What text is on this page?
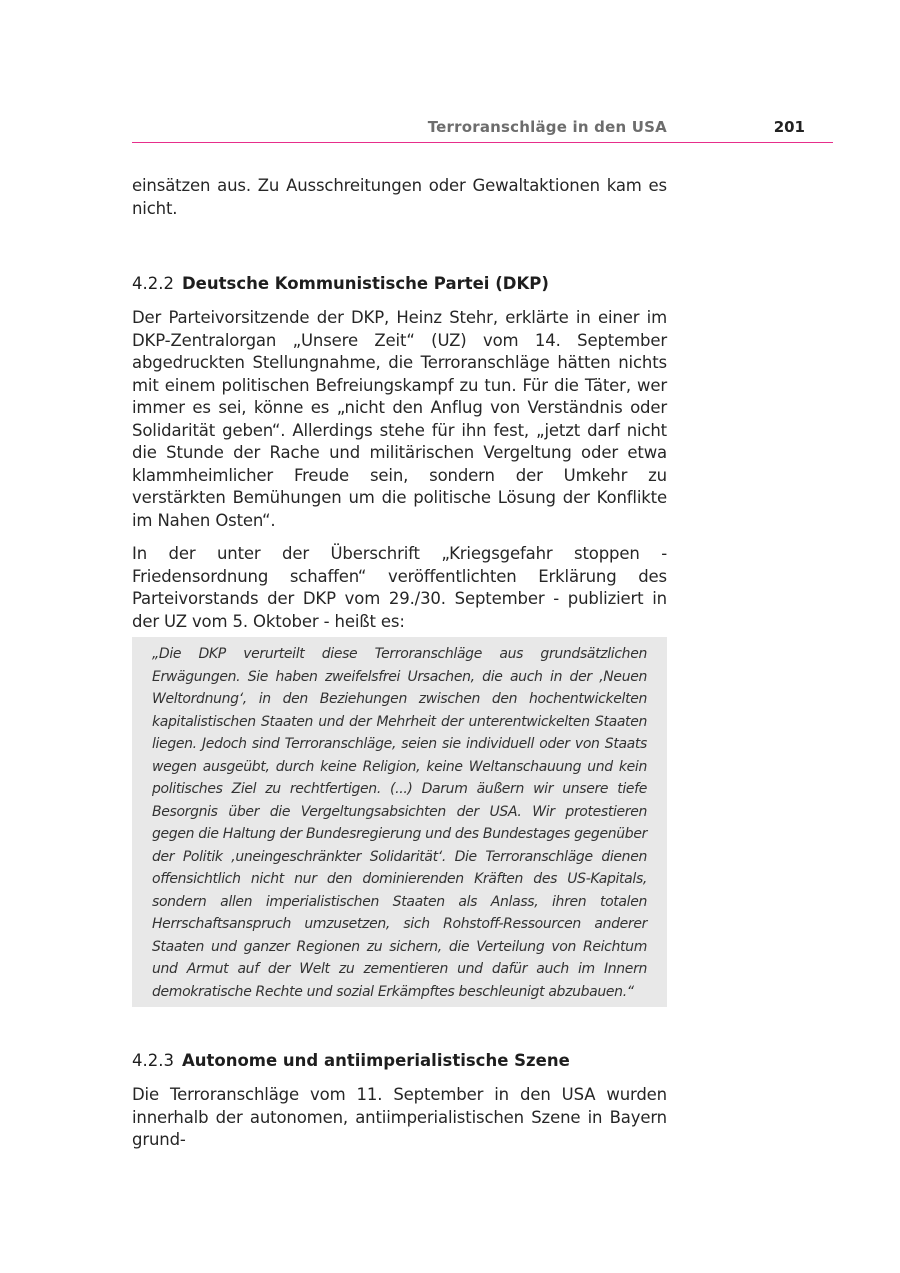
Terroranschläge in den USA	201

einsätzen aus. Zu Ausschreitungen oder Gewaltaktionen kam es nicht.

4.2.2 Deutsche Kommunistische Partei (DKP)

Der Parteivorsitzende der DKP, Heinz Stehr, erklärte in einer im DKP-Zentralorgan „Unsere Zeit“ (UZ) vom 14. September abgedruckten Stellungnahme, die Terroranschläge hätten nichts mit einem politischen Befreiungskampf zu tun. Für die Täter, wer immer es sei, könne es „nicht den Anflug von Verständnis oder Solidarität geben“. Allerdings stehe für ihn fest, „jetzt darf nicht die Stunde der Rache und militärischen Vergeltung oder etwa klammheimlicher Freude sein, sondern der Umkehr zu verstärkten Bemühungen um die politische Lösung der Konflikte im Nahen Osten“.

In der unter der Überschrift „Kriegsgefahr stoppen - Friedensordnung schaffen“ veröffentlichten Erklärung des Parteivorstands der DKP vom 29./30. September - publiziert in der UZ vom 5. Oktober - heißt es:

„Die DKP verurteilt diese Terroranschläge aus grundsätzlichen Erwägungen. Sie haben zweifelsfrei Ursachen, die auch in der ‚Neuen Weltordnung‘, in den Beziehungen zwischen den hochentwickelten kapitalistischen Staaten und der Mehrheit der unterentwickelten Staaten liegen. Jedoch sind Terroranschläge, seien sie individuell oder von Staats wegen ausgeübt, durch keine Religion, keine Weltanschauung und kein politisches Ziel zu rechtfertigen. (...) Darum äußern wir unsere tiefe Besorgnis über die Vergeltungsabsichten der USA. Wir protestieren gegen die Haltung der Bundesregierung und des Bundestages gegenüber der Politik ‚uneingeschränkter Solidarität‘. Die Terroranschläge dienen offensichtlich nicht nur den dominierenden Kräften des US-Kapitals, sondern allen imperialistischen Staaten als Anlass, ihren totalen Herrschaftsanspruch umzusetzen, sich Rohstoff-Ressourcen anderer Staaten und ganzer Regionen zu sichern, die Verteilung von Reichtum und Armut auf der Welt zu zementieren und dafür auch im Innern demokratische Rechte und sozial Erkämpftes beschleunigt abzubauen.“

4.2.3 Autonome und antiimperialistische Szene

Die Terroranschläge vom 11. September in den USA wurden innerhalb der autonomen, antiimperialistischen Szene in Bayern grund-
